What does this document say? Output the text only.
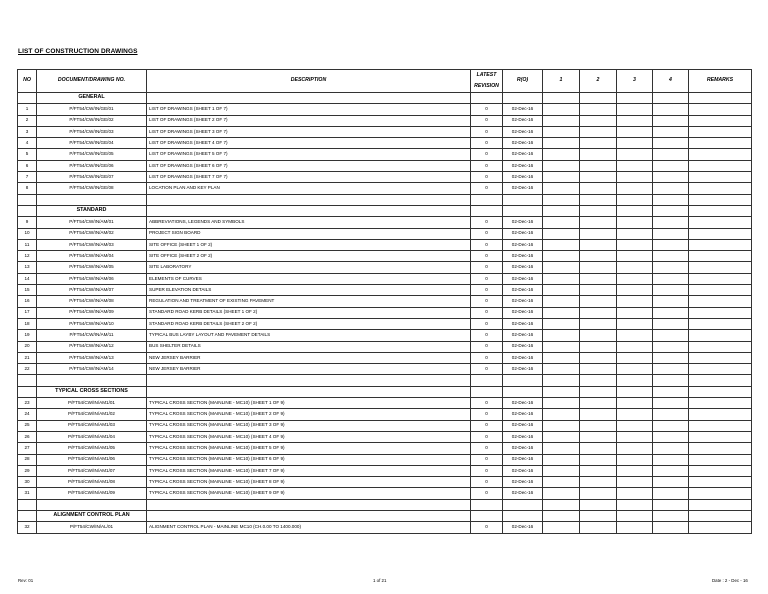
LIST OF CONSTRUCTION DRAWINGS
NO	DOCUMENT/DRAWING NO.	DESCRIPTION	LATEST
REVISION	R(O)	1	2	3	4	REMARKS
	GENERAL								
1	P/FT54/CW/IN/GE/01	LIST OF DRAWINGS (SHEET 1 OF 7)	0	02-Dec-16					
2	P/FT54/CW/IN/GE/02	LIST OF DRAWINGS (SHEET 2 OF 7)	0	02-Dec-16					
3	P/FT54/CW/IN/GE/03	LIST OF DRAWINGS (SHEET 3 OF 7)	0	02-Dec-16					
4	P/FT54/CW/IN/GE/04	LIST OF DRAWINGS (SHEET 4 OF 7)	0	02-Dec-16					
5	P/FT54/CW/IN/GE/05	LIST OF DRAWINGS (SHEET 5 OF 7)	0	02-Dec-16					
6	P/FT54/CW/IN/GE/06	LIST OF DRAWINGS (SHEET 6 OF 7)	0	02-Dec-16					
7	P/FT54/CW/IN/GE/07	LIST OF DRAWINGS (SHEET 7 OF 7)	0	02-Dec-16					
8	P/FT54/CW/IN/GE/08	LOCATION PLAN AND KEY PLAN	0	02-Dec-16					

	STANDARD								
9	P/FT54/CW/IN/AM/01	ABBREVIATIONS, LEGENDS AND SYMBOLS	0	02-Dec-16					
10	P/FT54/CW/IN/AM/02	PROJECT SIGN BOARD	0	02-Dec-16					
11	P/FT54/CW/IN/AM/03	SITE OFFICE (SHEET 1 OF 2)	0	02-Dec-16					
12	P/FT54/CW/IN/AM/04	SITE OFFICE (SHEET 2 OF 2)	0	02-Dec-16					
13	P/FT54/CW/IN/AM/05	SITE LABORATORY	0	02-Dec-16					
14	P/FT54/CW/IN/AM/06	ELEMENTS OF CURVES	0	02-Dec-16					
15	P/FT54/CW/IN/AM/07	SUPER ELEVATION DETAILS	0	02-Dec-16					
16	P/FT54/CW/IN/AM/08	REGULATION AND TREATMENT OF EXISTING PAVEMENT	0	02-Dec-16					
17	P/FT54/CW/IN/AM/09	STANDARD ROAD KERB DETAILS (SHEET 1 OF 2)	0	02-Dec-16					
18	P/FT54/CW/IN/AM/10	STANDARD ROAD KERB DETAILS (SHEET 2 OF 2)	0	02-Dec-16					
19	P/FT54/CW/IN/AM/11	TYPICAL BUS LAYBY LAYOUT AND PAVEMENT DETAILS	0	02-Dec-16					
20	P/FT54/CW/IN/AM/12	BUS SHELTER DETAILS	0	02-Dec-16					
21	P/FT54/CW/IN/AM/13	NEW JERSEY BARRIER	0	02-Dec-16					
22	P/FT54/CW/IN/AM/14	NEW JERSEY BARRIER	0	02-Dec-16					

	TYPICAL CROSS SECTIONS								
23	P/FT54/CW/IN/AM1/01	TYPICAL CROSS SECTION (MAINLINE - MC10) (SHEET 1 OF 9)	0	02-Dec-16					
24	P/FT54/CW/IN/AM1/02	TYPICAL CROSS SECTION (MAINLINE - MC10) (SHEET 2 OF 9)	0	02-Dec-16					
25	P/FT54/CW/IN/AM1/03	TYPICAL CROSS SECTION (MAINLINE - MC10) (SHEET 3 OF 9)	0	02-Dec-16					
26	P/FT54/CW/IN/AM1/04	TYPICAL CROSS SECTION (MAINLINE - MC10) (SHEET 4 OF 9)	0	02-Dec-16					
27	P/FT54/CW/IN/AM1/05	TYPICAL CROSS SECTION (MAINLINE - MC10) (SHEET 5 OF 9)	0	02-Dec-16					
28	P/FT54/CW/IN/AM1/06	TYPICAL CROSS SECTION (MAINLINE - MC10) (SHEET 6 OF 9)	0	02-Dec-16					
29	P/FT54/CW/IN/AM1/07	TYPICAL CROSS SECTION (MAINLINE - MC10) (SHEET 7 OF 9)	0	02-Dec-16					
30	P/FT54/CW/IN/AM1/08	TYPICAL CROSS SECTION (MAINLINE - MC10) (SHEET 8 OF 9)	0	02-Dec-16					
31	P/FT54/CW/IN/AM1/09	TYPICAL CROSS SECTION (MAINLINE - MC10) (SHEET 9 OF 9)	0	02-Dec-16					

	ALIGNMENT CONTROL PLAN								
32	P/FT54/CW/IN/AL/01	ALIGNMENT CONTROL PLAN - MAINLINE MC10 (CH.0.00 TO 1400.000)	0	02-Dec-16					
Rev: 01	1 of 21	Date : 2 - Dec - 16
